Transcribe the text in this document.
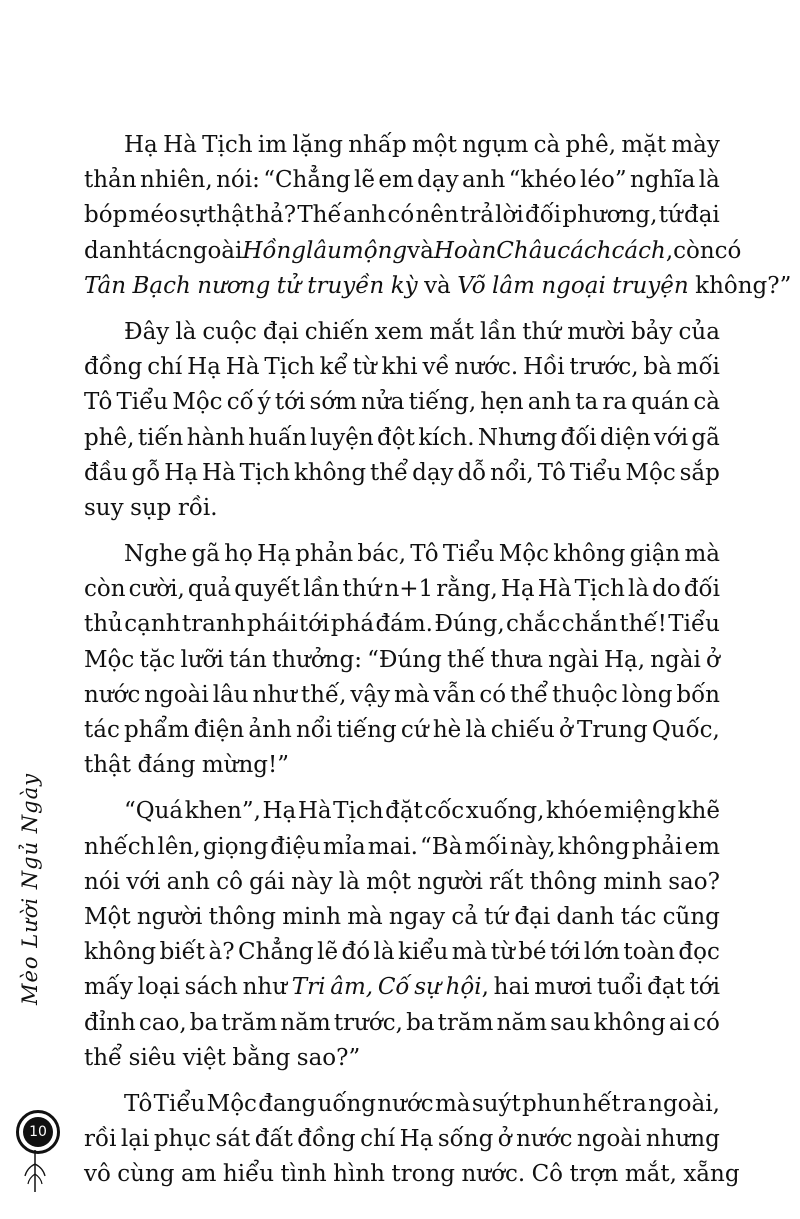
Hạ Hà Tịch im lặng nhấp một ngụm cà phê, mặt mày
thản nhiên, nói: “Chẳng lẽ em dạy anh “khéo léo” nghĩa là
bóp méo sự thật hả? Thế anh có nên trả lời đối phương, tứ đại
danh tác ngoài Hồng lâu mộng và Hoàn Châu cách cách, còn có
Tân Bạch nương tử truyền kỳ và Võ lâm ngoại truyện không?”
Đây là cuộc đại chiến xem mắt lần thứ mười bảy của
đồng chí Hạ Hà Tịch kể từ khi về nước. Hồi trước, bà mối
Tô Tiểu Mộc cố ý tới sớm nửa tiếng, hẹn anh ta ra quán cà
phê, tiến hành huấn luyện đột kích. Nhưng đối diện với gã
đầu gỗ Hạ Hà Tịch không thể dạy dỗ nổi, Tô Tiểu Mộc sắp
suy sụp rồi.
Nghe gã họ Hạ phản bác, Tô Tiểu Mộc không giận mà
còn cười, quả quyết lần thứ n+1 rằng, Hạ Hà Tịch là do đối
thủ cạnh tranh phái tới phá đám. Đúng, chắc chắn thế! Tiểu
Mộc tặc lưỡi tán thưởng: “Đúng thế thưa ngài Hạ, ngài ở
nước ngoài lâu như thế, vậy mà vẫn có thể thuộc lòng bốn
tác phẩm điện ảnh nổi tiếng cứ hè là chiếu ở Trung Quốc,
thật đáng mừng!”
“Quá khen”, Hạ Hà Tịch đặt cốc xuống, khóe miệng khẽ
nhếch lên, giọng điệu mỉa mai. “Bà mối này, không phải em
nói với anh cô gái này là một người rất thông minh sao?
Một người thông minh mà ngay cả tứ đại danh tác cũng
không biết à? Chẳng lẽ đó là kiểu mà từ bé tới lớn toàn đọc
mấy loại sách như Tri âm, Cố sự hội, hai mươi tuổi đạt tới
đỉnh cao, ba trăm năm trước, ba trăm năm sau không ai có
thể siêu việt bằng sao?”
Tô Tiểu Mộc đang uống nước mà suýt phun hết ra ngoài,
rồi lại phục sát đất đồng chí Hạ sống ở nước ngoài nhưng
vô cùng am hiểu tình hình trong nước. Cô trợn mắt, xẵng
Mèo Lười Ngủ Ngày
10
